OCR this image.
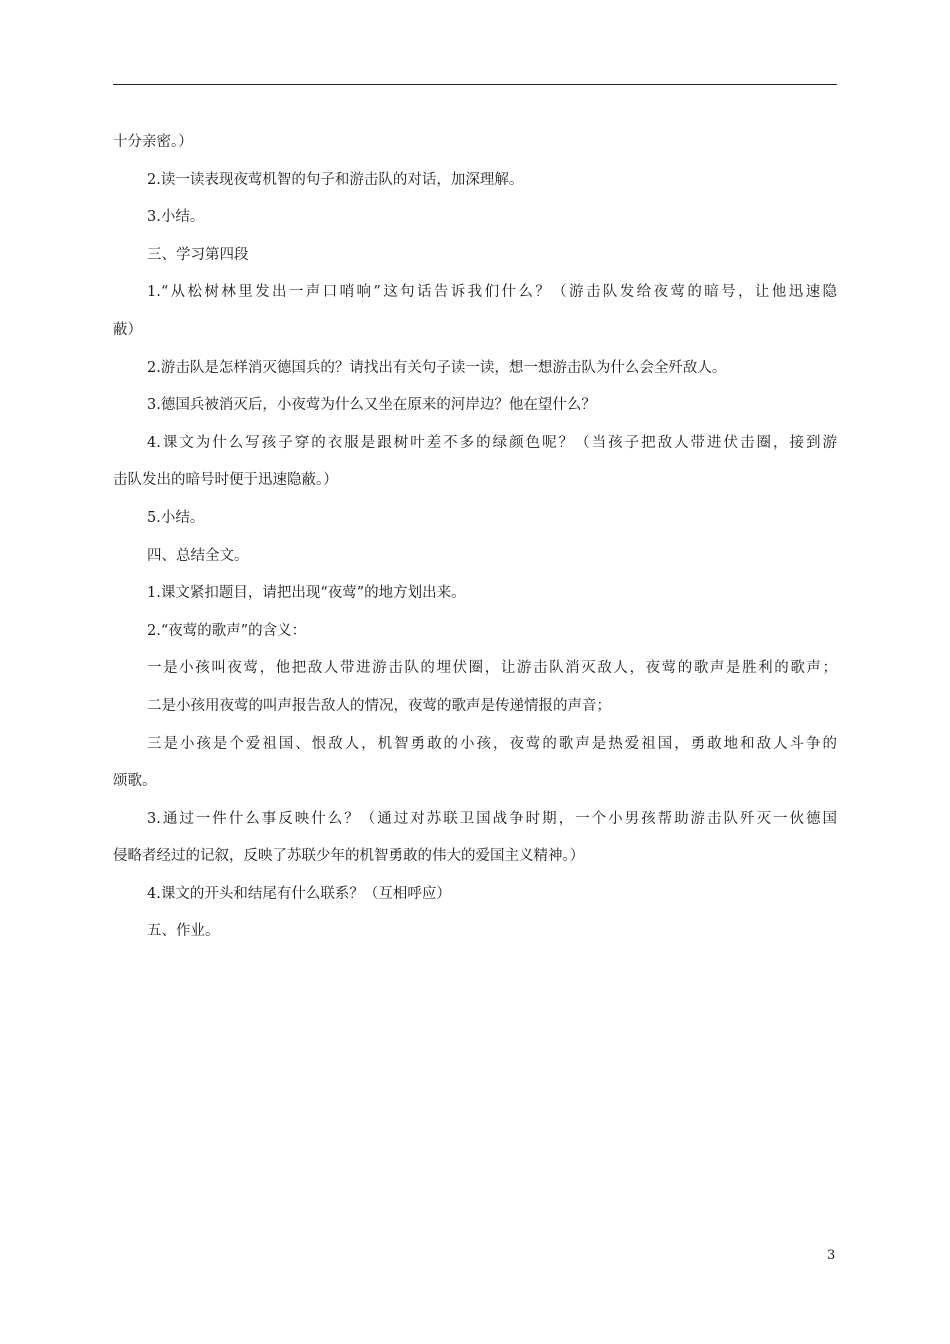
十分亲密。）
2.读一读表现夜莺机智的句子和游击队的对话，加深理解。
3.小结。
三、学习第四段
1.“从松树林里发出一声口哨响”这句话告诉我们什么？（游击队发给夜莺的暗号，让他迅速隐
蔽）
2.游击队是怎样消灭德国兵的？请找出有关句子读一读，想一想游击队为什么会全歼敌人。
3.德国兵被消灭后，小夜莺为什么又坐在原来的河岸边？他在望什么？
4.课文为什么写孩子穿的衣服是跟树叶差不多的绿颜色呢？（当孩子把敌人带进伏击圈，接到游
击队发出的暗号时便于迅速隐蔽。）
5.小结。
四、总结全文。
1.课文紧扣题目，请把出现“夜莺”的地方划出来。
2.“夜莺的歌声”的含义：
一是小孩叫夜莺，他把敌人带进游击队的埋伏圈，让游击队消灭敌人，夜莺的歌声是胜利的歌声；
二是小孩用夜莺的叫声报告敌人的情况，夜莺的歌声是传递情报的声音；
三是小孩是个爱祖国、恨敌人，机智勇敢的小孩，夜莺的歌声是热爱祖国，勇敢地和敌人斗争的
颂歌。
3.通过一件什么事反映什么？（通过对苏联卫国战争时期，一个小男孩帮助游击队歼灭一伙德国
侵略者经过的记叙，反映了苏联少年的机智勇敢的伟大的爱国主义精神。）
4.课文的开头和结尾有什么联系？（互相呼应）
五、作业。
3
